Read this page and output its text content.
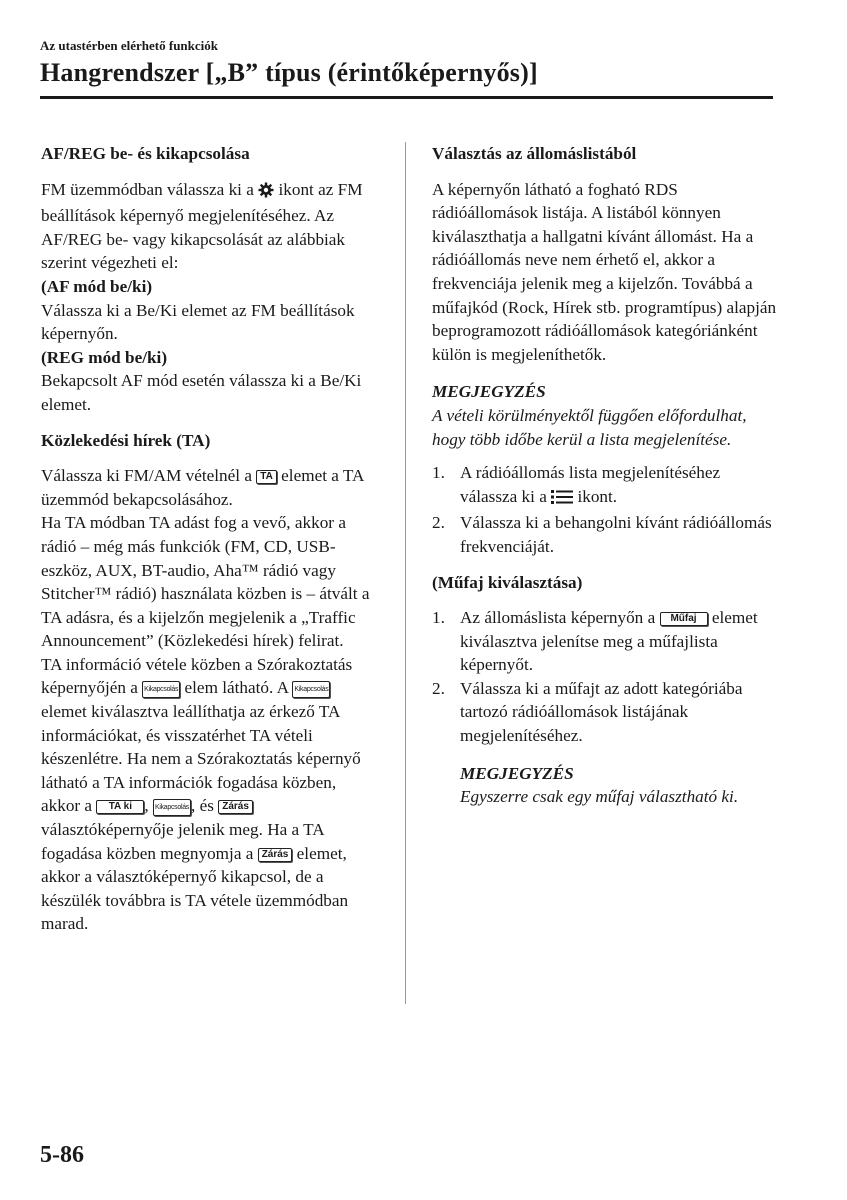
Az utastérben elérhető funkciók
Hangrendszer [„B” típus (érintőképernyős)]

AF/REG be- és kikapcsolása

FM üzemmódban válassza ki a ikont az FM beállítások képernyő megjelenítéséhez. Az AF/REG be- vagy kikapcsolását az alábbiak szerint végezheti el:

(AF mód be/ki)

Válassza ki a Be/Ki elemet az FM beállítások képernyőn.

(REG mód be/ki)

Bekapcsolt AF mód esetén válassza ki a Be/Ki elemet.

Közlekedési hírek (TA)

Válassza ki FM/AM vételnél a TA elemet a TA üzemmód bekapcsolásához.

Ha TA módban TA adást fog a vevő, akkor a rádió – még más funkciók (FM, CD, USB-eszköz, AUX, BT-audio, Aha™ rádió vagy Stitcher™ rádió) használata közben is – átvált a TA adásra, és a kijelzőn megjelenik a „Traffic Announcement” (Közlekedési hírek) felirat.

TA információ vétele közben a Szórakoztatás képernyőjén a Kikapcsolás elem látható. A Kikapcsolás elemet kiválasztva leállíthatja az érkező TA információkat, és visszatérhet TA vételi készenlétre. Ha nem a Szórakoztatás képernyő látható a TA információk fogadása közben, akkor a TA ki , Kikapcsolás , és Zárás választóképernyője jelenik meg. Ha a TA fogadása közben megnyomja a Zárás elemet, akkor a választóképernyő kikapcsol, de a készülék továbbra is TA vétele üzemmódban marad.

Választás az állomáslistából

A képernyőn látható a fogható RDS rádióállomások listája. A listából könnyen kiválaszthatja a hallgatni kívánt állomást. Ha a rádióállomás neve nem érhető el, akkor a frekvenciája jelenik meg a kijelzőn. Továbbá a műfajkód (Rock, Hírek stb. programtípus) alapján beprogramozott rádióállomások kategóriánként külön is megjeleníthetők.

MEGJEGYZÉS

A vételi körülményektől függően előfordulhat, hogy több időbe kerül a lista megjelenítése.

1. A rádióállomás lista megjelenítéséhez válassza ki a ikont.
2. Válassza ki a behangolni kívánt rádióállomás frekvenciáját.

(Műfaj kiválasztása)

1. Az állomáslista képernyőn a Műfaj elemet kiválasztva jelenítse meg a műfajlista képernyőt.
2. Válassza ki a műfajt az adott kategóriába tartozó rádióállomások listájának megjelenítéséhez.

MEGJEGYZÉS

Egyszerre csak egy műfaj választható ki.

5-86
